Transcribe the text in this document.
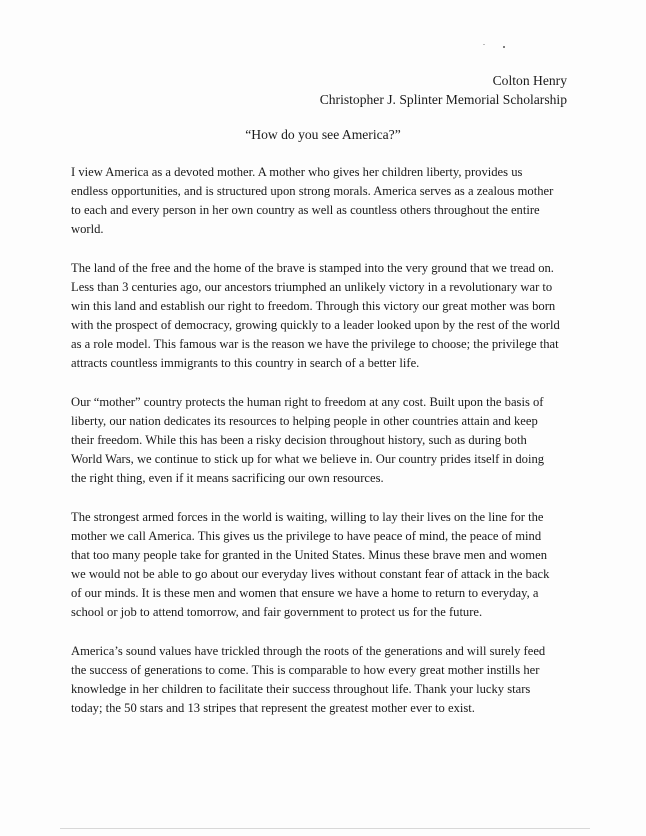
Colton Henry
Christopher J. Splinter Memorial Scholarship
“How do you see America?”

I view America as a devoted mother. A mother who gives her children liberty, provides us
endless opportunities, and is structured upon strong morals. America serves as a zealous mother
to each and every person in her own country as well as countless others throughout the entire
world.

The land of the free and the home of the brave is stamped into the very ground that we tread on.
Less than 3 centuries ago, our ancestors triumphed an unlikely victory in a revolutionary war to
win this land and establish our right to freedom. Through this victory our great mother was born
with the prospect of democracy, growing quickly to a leader looked upon by the rest of the world
as a role model. This famous war is the reason we have the privilege to choose; the privilege that
attracts countless immigrants to this country in search of a better life.

Our “mother” country protects the human right to freedom at any cost. Built upon the basis of
liberty, our nation dedicates its resources to helping people in other countries attain and keep
their freedom. While this has been a risky decision throughout history, such as during both
World Wars, we continue to stick up for what we believe in. Our country prides itself in doing
the right thing, even if it means sacrificing our own resources.

The strongest armed forces in the world is waiting, willing to lay their lives on the line for the
mother we call America. This gives us the privilege to have peace of mind, the peace of mind
that too many people take for granted in the United States. Minus these brave men and women
we would not be able to go about our everyday lives without constant fear of attack in the back
of our minds. It is these men and women that ensure we have a home to return to everyday, a
school or job to attend tomorrow, and fair government to protect us for the future.

America’s sound values have trickled through the roots of the generations and will surely feed
the success of generations to come. This is comparable to how every great mother instills her
knowledge in her children to facilitate their success throughout life. Thank your lucky stars
today; the 50 stars and 13 stripes that represent the greatest mother ever to exist.
